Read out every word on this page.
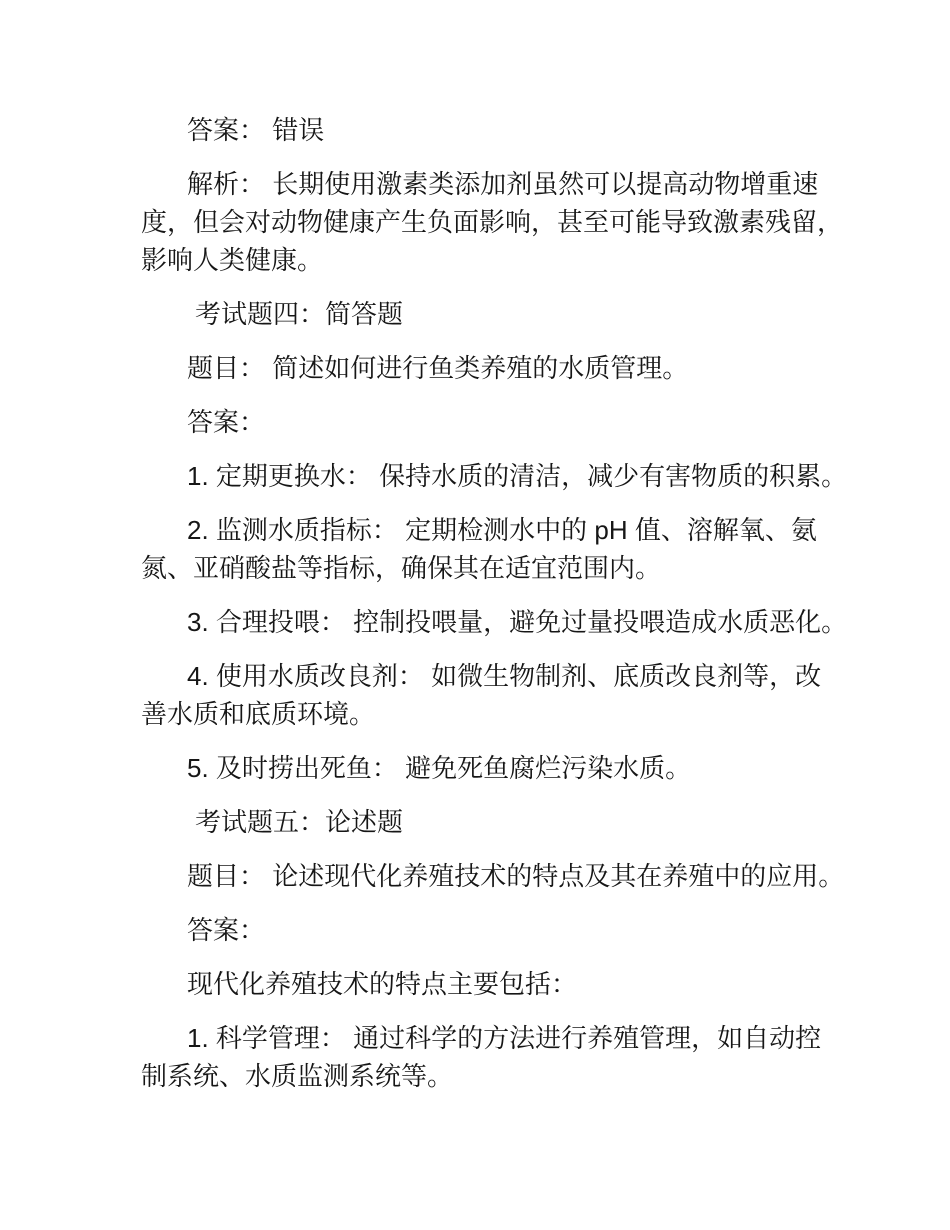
答案： 错误

解析： 长期使用激素类添加剂虽然可以提高动物增重速
度，但会对动物健康产生负面影响，甚至可能导致激素残留，
影响人类健康。

考试题四：简答题

题目： 简述如何进行鱼类养殖的水质管理。

答案：

1. 定期更换水： 保持水质的清洁，减少有害物质的积累。

2. 监测水质指标： 定期检测水中的 pH 值、溶解氧、氨
氮、亚硝酸盐等指标，确保其在适宜范围内。

3. 合理投喂： 控制投喂量，避免过量投喂造成水质恶化。

4. 使用水质改良剂： 如微生物制剂、底质改良剂等，改
善水质和底质环境。

5. 及时捞出死鱼： 避免死鱼腐烂污染水质。

考试题五：论述题

题目： 论述现代化养殖技术的特点及其在养殖中的应用。

答案：

现代化养殖技术的特点主要包括：

1. 科学管理： 通过科学的方法进行养殖管理，如自动控
制系统、水质监测系统等。
